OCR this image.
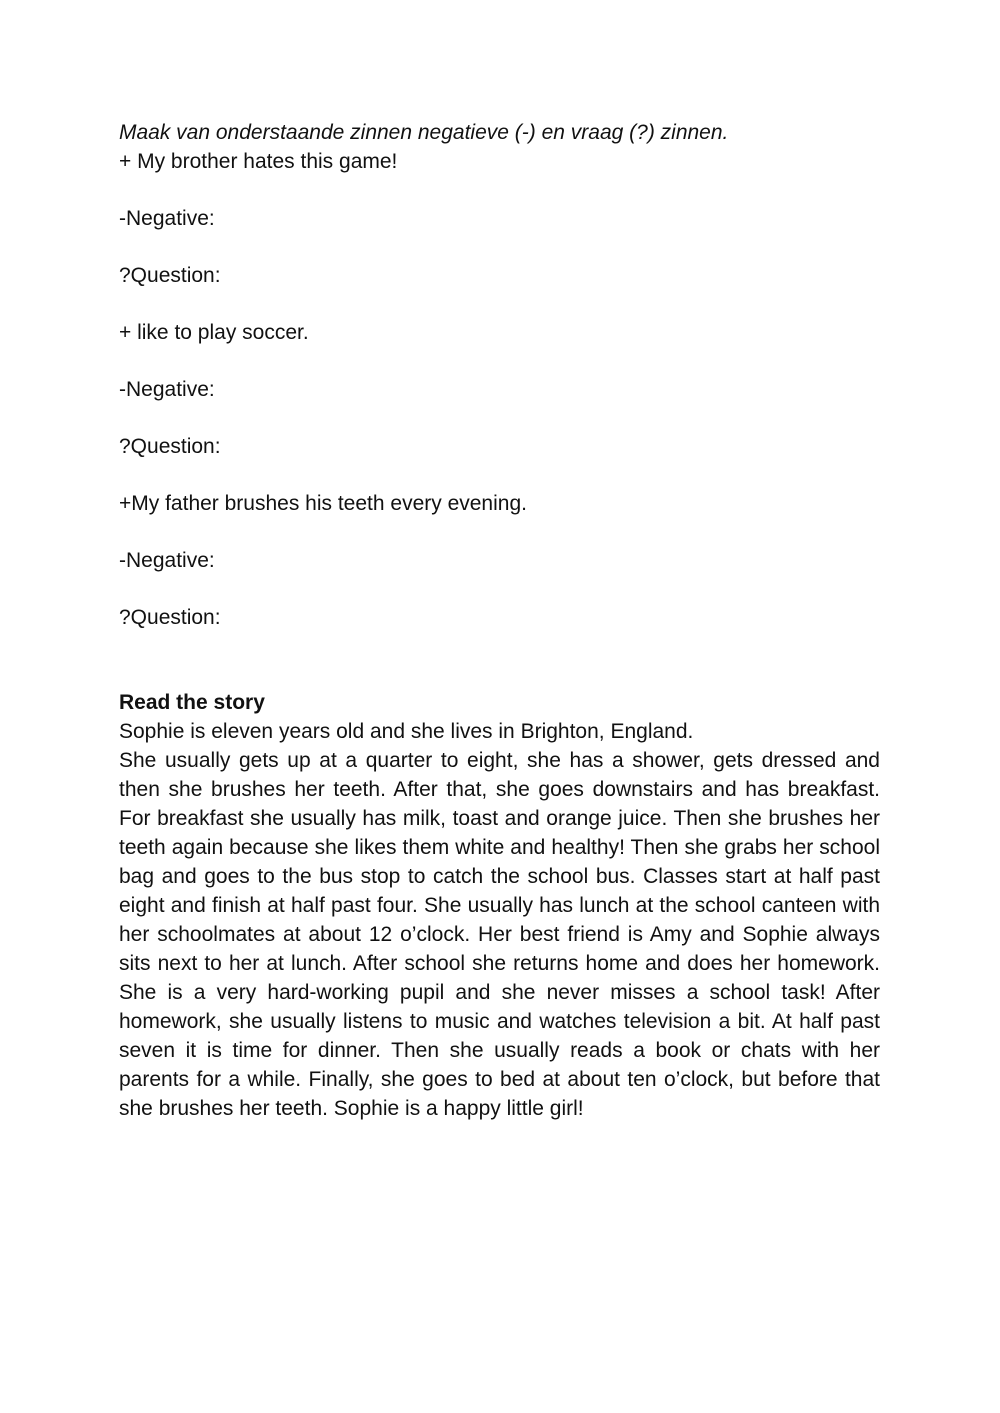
Maak van onderstaande zinnen negatieve (-) en vraag (?) zinnen.

+ My brother hates this game!

-Negative:

?Question:

+ like to play soccer.

-Negative:

?Question:

+My father brushes his teeth every evening.

-Negative:

?Question:

Read the story

Sophie is eleven years old and she lives in Brighton, England.

She usually gets up at a quarter to eight, she has a shower, gets dressed and then she brushes her teeth. After that, she goes downstairs and has breakfast. For breakfast she usually has milk, toast and orange juice. Then she brushes her teeth again because she likes them white and healthy! Then she grabs her school bag and goes to the bus stop to catch the school bus. Classes start at half past eight and finish at half past four. She usually has lunch at the school canteen with her schoolmates at about 12 o’clock. Her best friend is Amy and Sophie always sits next to her at lunch. After school she returns home and does her homework. She is a very hard-working pupil and she never misses a school task! After homework, she usually listens to music and watches television a bit. At half past seven it is time for dinner. Then she usually reads a book or chats with her parents for a while. Finally, she goes to bed at about ten o’clock, but before that she brushes her teeth. Sophie is a happy little girl!
